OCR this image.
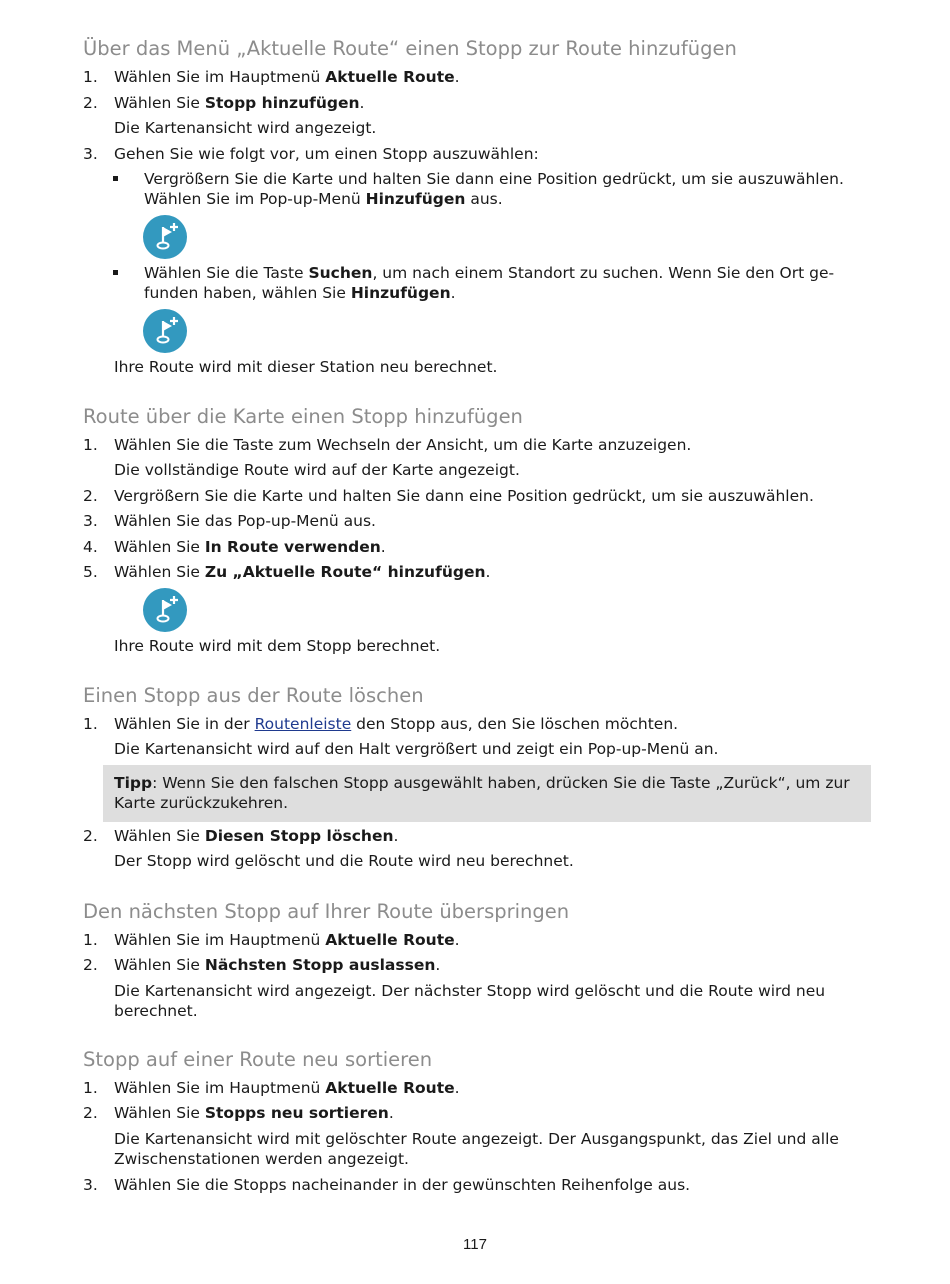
Über das Menü „Aktuelle Route“ einen Stopp zur Route hinzufügen
1. Wählen Sie im Hauptmenü Aktuelle Route.
2. Wählen Sie Stopp hinzufügen.
Die Kartenansicht wird angezeigt.
3. Gehen Sie wie folgt vor, um einen Stopp auszuwählen:
Vergrößern Sie die Karte und halten Sie dann eine Position gedrückt, um sie auszuwählen.
Wählen Sie im Pop-up-Menü Hinzufügen aus.
Wählen Sie die Taste Suchen, um nach einem Standort zu suchen. Wenn Sie den Ort ge-
funden haben, wählen Sie Hinzufügen.
Ihre Route wird mit dieser Station neu berechnet.
Route über die Karte einen Stopp hinzufügen
1. Wählen Sie die Taste zum Wechseln der Ansicht, um die Karte anzuzeigen.
Die vollständige Route wird auf der Karte angezeigt.
2. Vergrößern Sie die Karte und halten Sie dann eine Position gedrückt, um sie auszuwählen.
3. Wählen Sie das Pop-up-Menü aus.
4. Wählen Sie In Route verwenden.
5. Wählen Sie Zu „Aktuelle Route“ hinzufügen.
Ihre Route wird mit dem Stopp berechnet.
Einen Stopp aus der Route löschen
1. Wählen Sie in der Routenleiste den Stopp aus, den Sie löschen möchten.
Die Kartenansicht wird auf den Halt vergrößert und zeigt ein Pop-up-Menü an.
Tipp: Wenn Sie den falschen Stopp ausgewählt haben, drücken Sie die Taste „Zurück“, um zur
Karte zurückzukehren.
2. Wählen Sie Diesen Stopp löschen.
Der Stopp wird gelöscht und die Route wird neu berechnet.
Den nächsten Stopp auf Ihrer Route überspringen
1. Wählen Sie im Hauptmenü Aktuelle Route.
2. Wählen Sie Nächsten Stopp auslassen.
Die Kartenansicht wird angezeigt. Der nächster Stopp wird gelöscht und die Route wird neu
berechnet.
Stopp auf einer Route neu sortieren
1. Wählen Sie im Hauptmenü Aktuelle Route.
2. Wählen Sie Stopps neu sortieren.
Die Kartenansicht wird mit gelöschter Route angezeigt. Der Ausgangspunkt, das Ziel und alle
Zwischenstationen werden angezeigt.
3. Wählen Sie die Stopps nacheinander in der gewünschten Reihenfolge aus.
117
